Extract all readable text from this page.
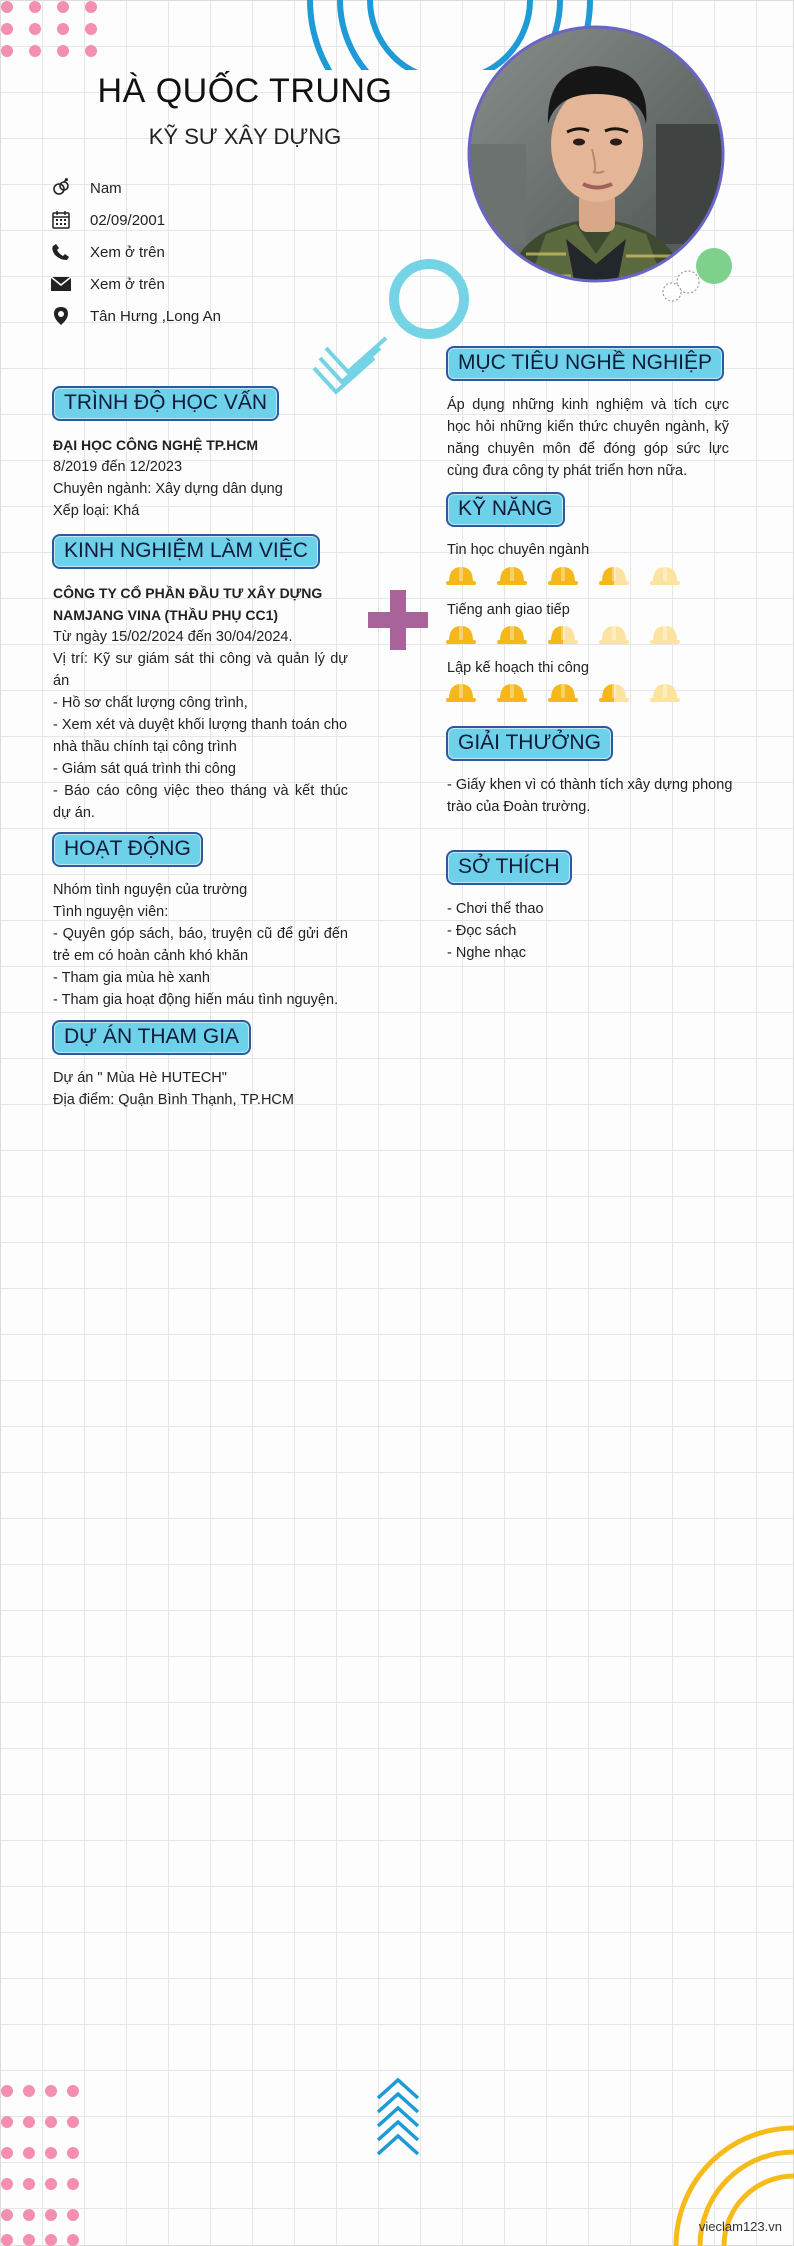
HÀ QUỐC TRUNG
KỸ SƯ XÂY DỰNG
Nam
02/09/2001
Xem ở trên
Xem ở trên
Tân Hưng ,Long An
TRÌNH ĐỘ HỌC VẤN
ĐẠI HỌC CÔNG NGHỆ TP.HCM
8/2019 đến 12/2023
Chuyên ngành: Xây dựng dân dụng
Xếp loại: Khá
KINH NGHIỆM LÀM VIỆC
CÔNG TY CỔ PHẦN ĐẦU TƯ XÂY DỰNG
NAMJANG VINA (THẦU PHỤ CC1)
Từ ngày 15/02/2024 đến 30/04/2024.
Vị trí: Kỹ sư giám sát thi công và quản lý dự án
- Hồ sơ chất lượng công trình,
- Xem xét và duyệt khối lượng thanh toán cho nhà thầu chính tại công trình
- Giám sát quá trình thi công
- Báo cáo công việc theo tháng và kết thúc dự án.
HOẠT ĐỘNG
Nhóm tình nguyện của trường
Tình nguyện viên:
- Quyên góp sách, báo, truyện cũ để gửi đến trẻ em có hoàn cảnh khó khăn
- Tham gia mùa hè xanh
- Tham gia hoạt động hiến máu tình nguyện.
DỰ ÁN THAM GIA
Dự án " Mùa Hè HUTECH"
Địa điểm: Quận Bình Thạnh, TP.HCM
MỤC TIÊU NGHỀ NGHIỆP
Áp dụng những kinh nghiệm và tích cực học hỏi những kiến thức chuyên ngành, kỹ năng chuyên môn để đóng góp sức lực cùng đưa công ty phát triển hơn nữa.
KỸ NĂNG
Tin học chuyên ngành
Tiếng anh giao tiếp
Lập kế hoạch thi công
GIẢI THƯỞNG
- Giấy khen vì có thành tích xây dựng phong trào của Đoàn trường.
SỞ THÍCH
- Chơi thể thao
- Đọc sách
- Nghe nhạc
vieclam123.vn
